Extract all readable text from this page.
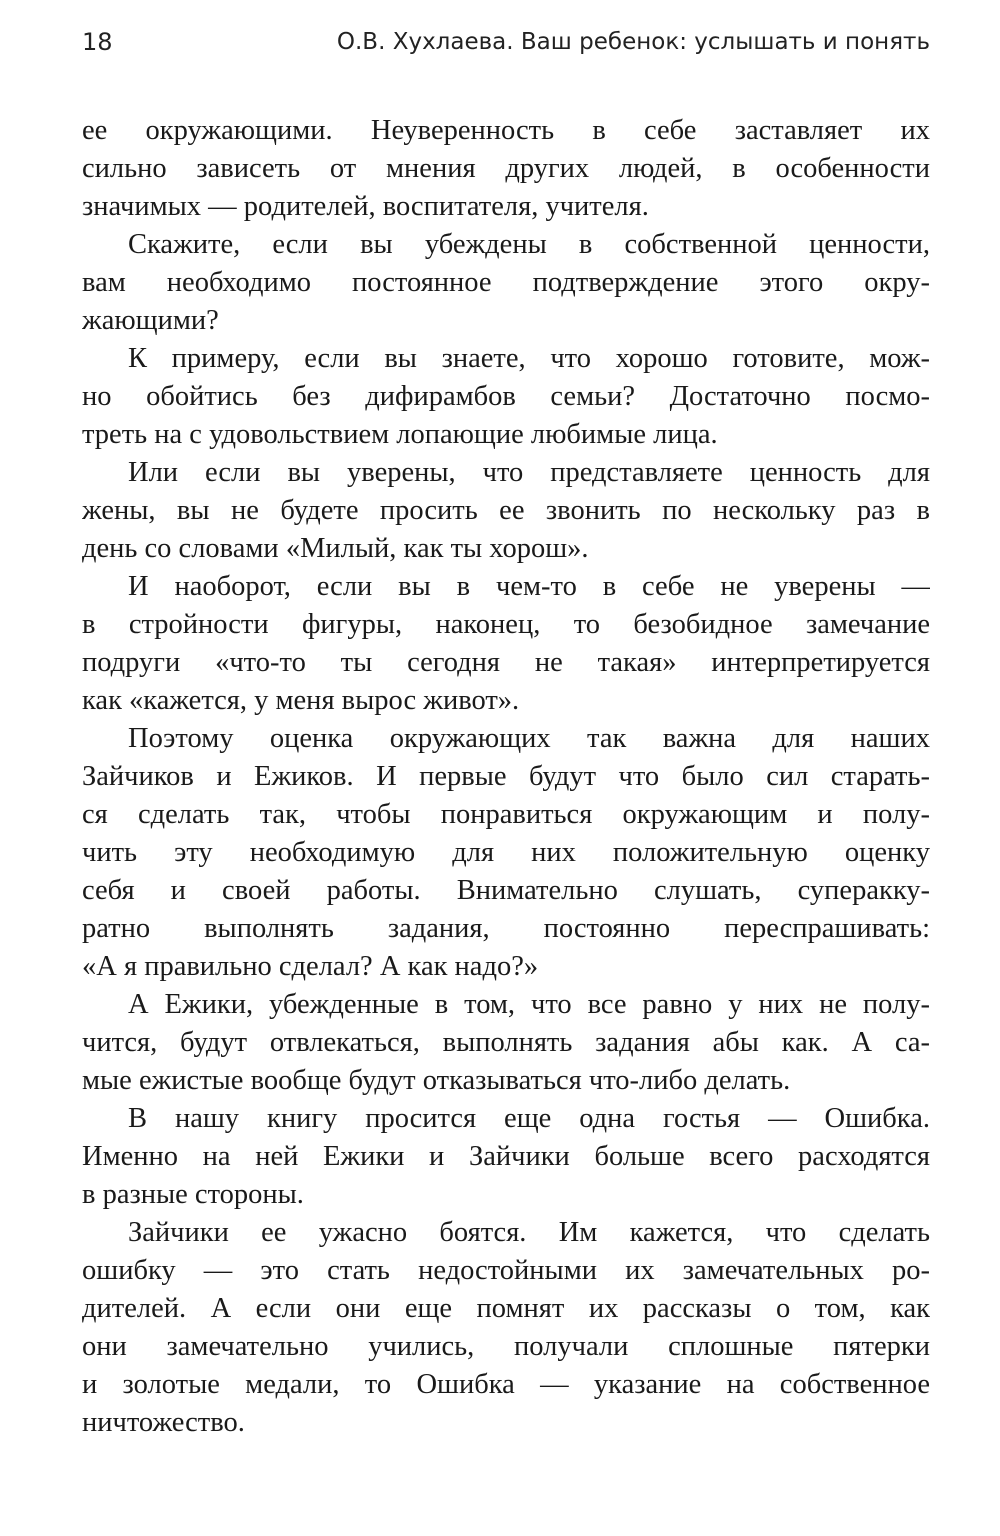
18	О.В. Хухлаева. Ваш ребенок: услышать и понять
ее окружающими. Неуверенность в себе заставляет их
сильно зависеть от мнения других людей, в особенности
значимых — родителей, воспитателя, учителя.
Скажите, если вы убеждены в собственной ценности,
вам необходимо постоянное подтверждение этого окру-
жающими?
К примеру, если вы знаете, что хорошо готовите, мож-
но обойтись без дифирамбов семьи? Достаточно посмо-
треть на с удовольствием лопающие любимые лица.
Или если вы уверены, что представляете ценность для
жены, вы не будете просить ее звонить по нескольку раз в
день со словами «Милый, как ты хорош».
И наоборот, если вы в чем-то в себе не уверены —
в стройности фигуры, наконец, то безобидное замечание
подруги «что-то ты сегодня не такая» интерпретируется
как «кажется, у меня вырос живот».
Поэтому оценка окружающих так важна для наших
Зайчиков и Ежиков. И первые будут что было сил старать-
ся сделать так, чтобы понравиться окружающим и полу-
чить эту необходимую для них положительную оценку
себя и своей работы. Внимательно слушать, суперакку-
ратно выполнять задания, постоянно переспрашивать:
«А я правильно сделал? А как надо?»
А Ежики, убежденные в том, что все равно у них не полу-
чится, будут отвлекаться, выполнять задания абы как. А са-
мые ежистые вообще будут отказываться что-либо делать.
В нашу книгу просится еще одна гостья — Ошибка.
Именно на ней Ежики и Зайчики больше всего расходятся
в разные стороны.
Зайчики ее ужасно боятся. Им кажется, что сделать
ошибку — это стать недостойными их замечательных ро-
дителей. А если они еще помнят их рассказы о том, как
они замечательно учились, получали сплошные пятерки
и золотые медали, то Ошибка — указание на собственное
ничтожество.
